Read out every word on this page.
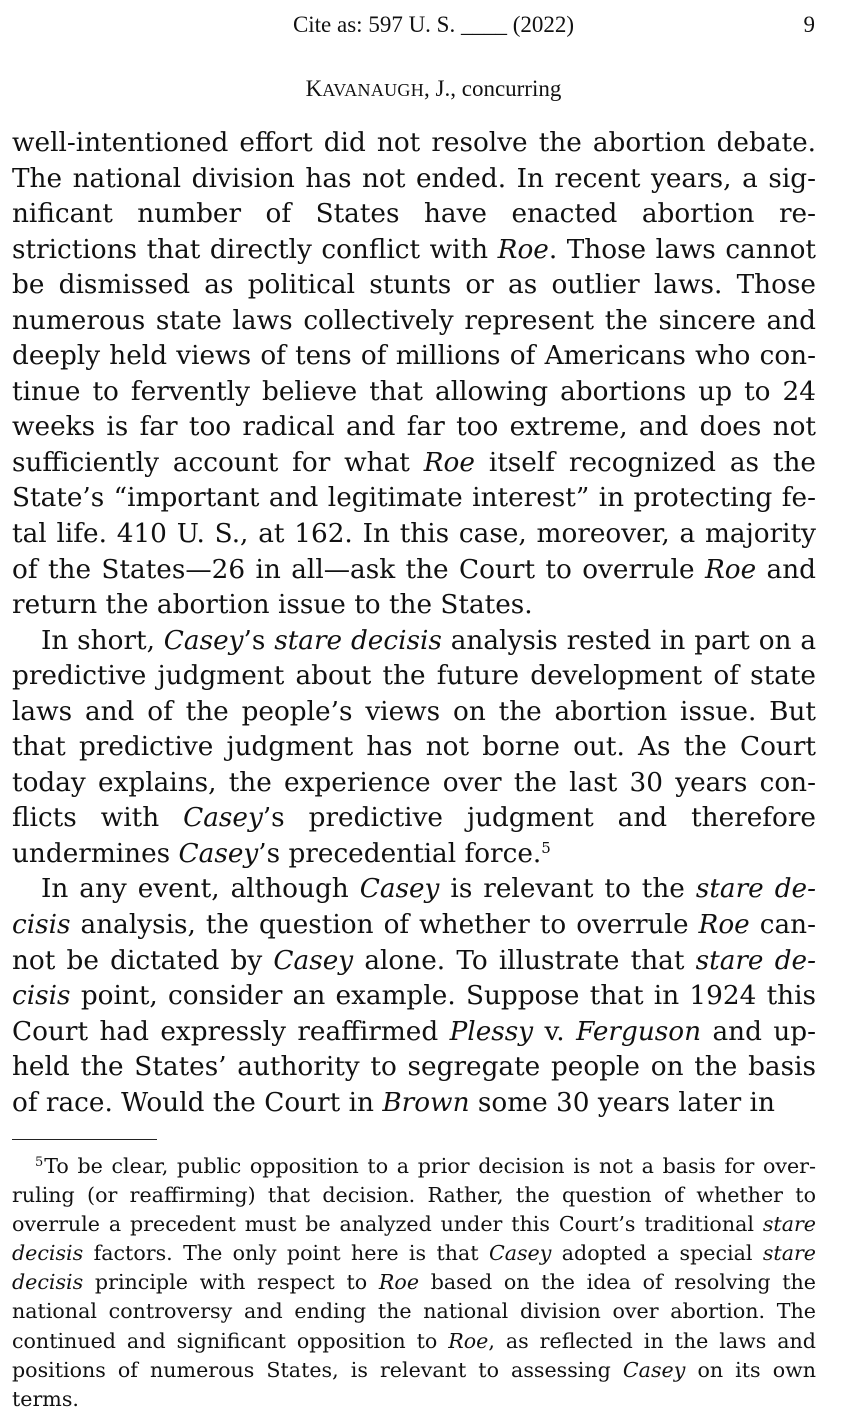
Cite as: 597 U. S. ____ (2022)	9
KAVANAUGH, J., concurring

well-intentioned effort did not resolve the abortion debate. The national division has not ended. In recent years, a significant number of States have enacted abortion restrictions that directly conflict with Roe. Those laws cannot be dismissed as political stunts or as outlier laws. Those numerous state laws collectively represent the sincere and deeply held views of tens of millions of Americans who continue to fervently believe that allowing abortions up to 24 weeks is far too radical and far too extreme, and does not sufficiently account for what Roe itself recognized as the State’s “important and legitimate interest” in protecting fetal life. 410 U. S., at 162. In this case, moreover, a majority of the States—26 in all—ask the Court to overrule Roe and return the abortion issue to the States.

In short, Casey’s stare decisis analysis rested in part on a predictive judgment about the future development of state laws and of the people’s views on the abortion issue. But that predictive judgment has not borne out. As the Court today explains, the experience over the last 30 years conflicts with Casey’s predictive judgment and therefore undermines Casey’s precedential force.$^5$

In any event, although Casey is relevant to the stare decisis analysis, the question of whether to overrule Roe cannot be dictated by Casey alone. To illustrate that stare decisis point, consider an example. Suppose that in 1924 this Court had expressly reaffirmed Plessy v. Ferguson and upheld the States’ authority to segregate people on the basis of race. Would the Court in Brown some 30 years later in

$^5$To be clear, public opposition to a prior decision is not a basis for overruling (or reaffirming) that decision. Rather, the question of whether to overrule a precedent must be analyzed under this Court’s traditional stare decisis factors. The only point here is that Casey adopted a special stare decisis principle with respect to Roe based on the idea of resolving the national controversy and ending the national division over abortion. The continued and significant opposition to Roe, as reflected in the laws and positions of numerous States, is relevant to assessing Casey on its own terms.
